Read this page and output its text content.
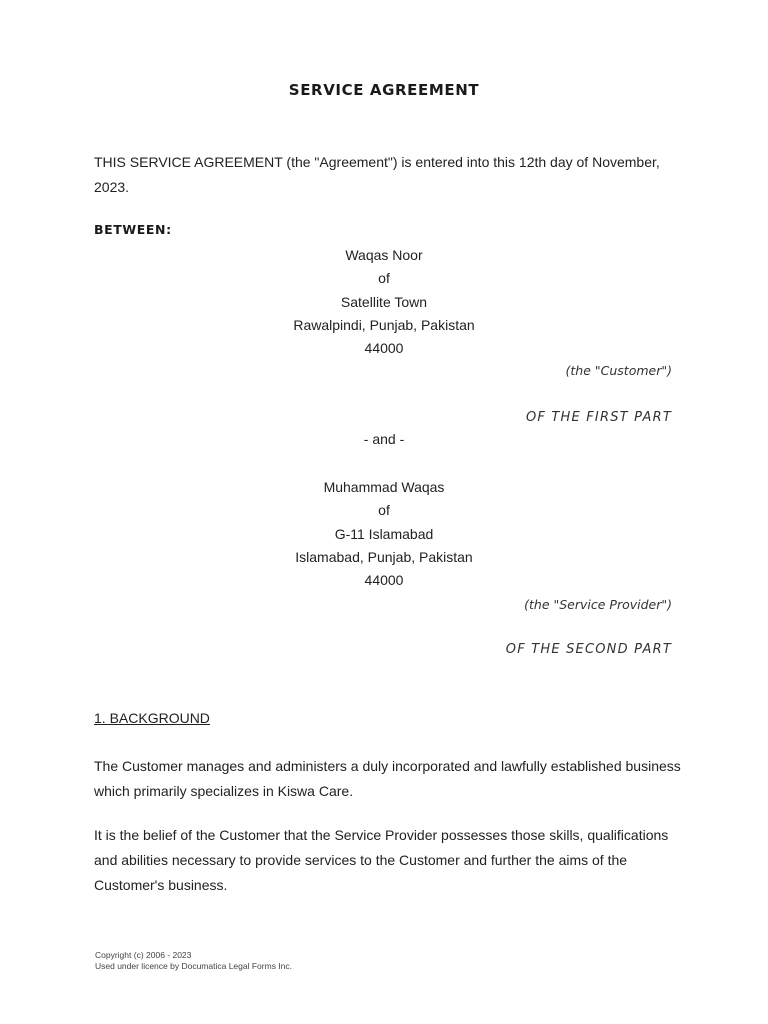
SERVICE AGREEMENT
THIS SERVICE AGREEMENT (the "Agreement") is entered into this 12th day of November, 2023.
BETWEEN:
Waqas Noor
of
Satellite Town
Rawalpindi, Punjab, Pakistan
44000
(the "Customer")
OF THE FIRST PART
- and -
Muhammad Waqas
of
G-11 Islamabad
Islamabad, Punjab, Pakistan
44000
(the "Service Provider")
OF THE SECOND PART
1. BACKGROUND
The Customer manages and administers a duly incorporated and lawfully established business which primarily specializes in Kiswa Care.
It is the belief of the Customer that the Service Provider possesses those skills, qualifications and abilities necessary to provide services to the Customer and further the aims of the Customer's business.
Copyright (c) 2006 - 2023
Used under licence by Documatica Legal Forms Inc.
